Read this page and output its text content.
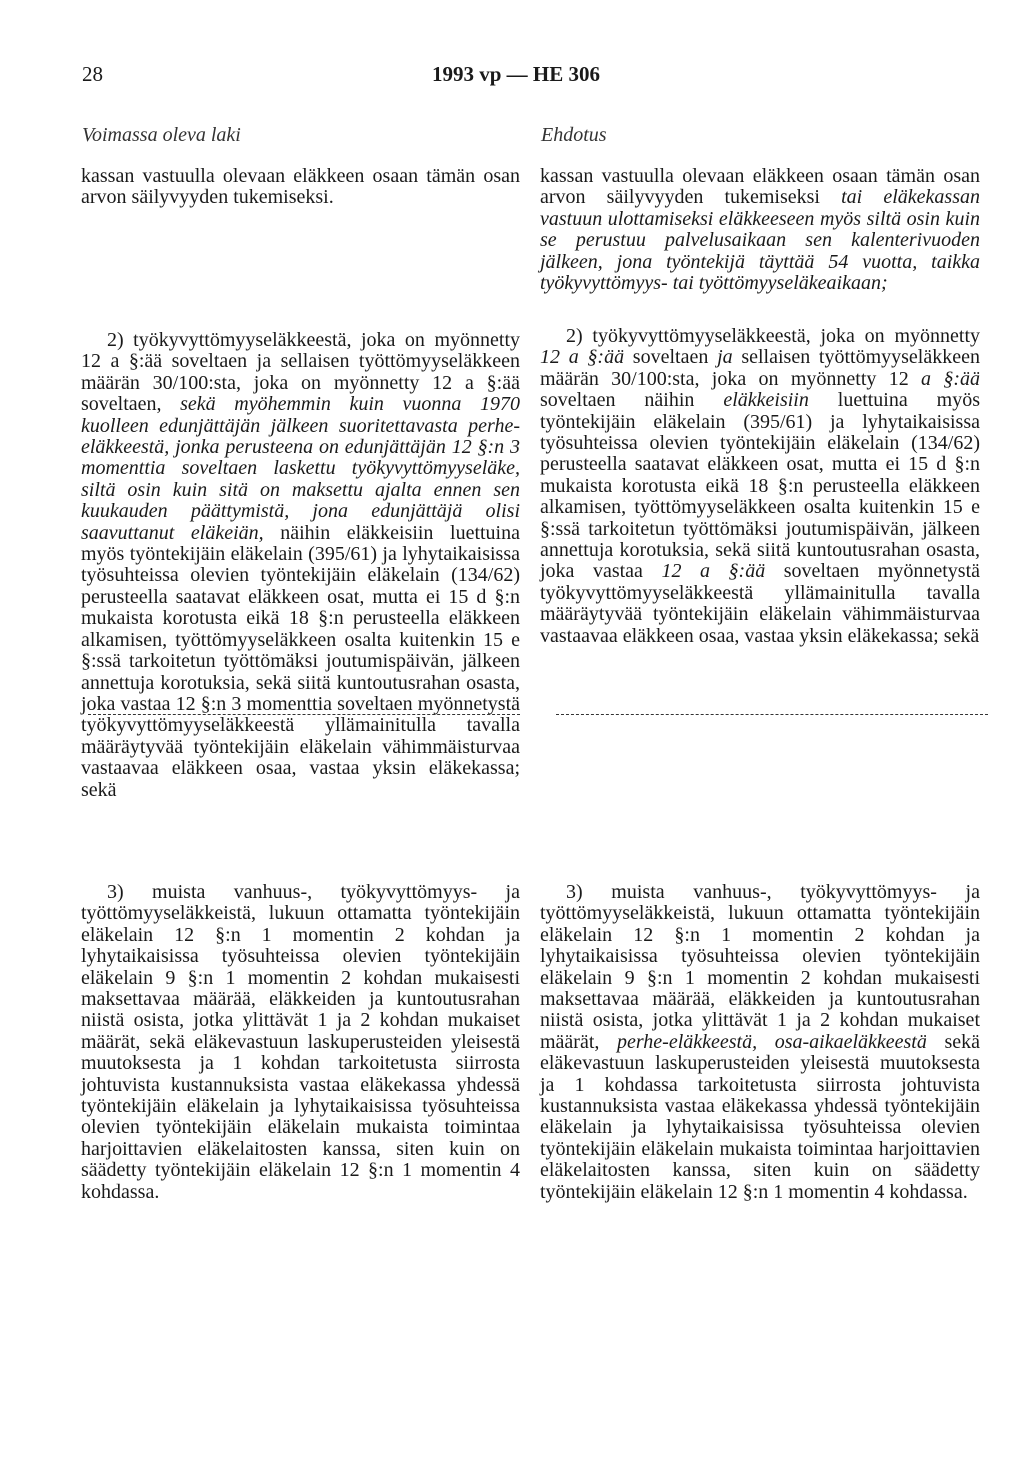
28	1993 vp — HE 306
Voimassa oleva laki	Ehdotus

kassan vastuulla olevaan eläkkeen osaan tämän osan arvon säilyvyyden tukemiseksi.

2) työkyvyttömyyseläkkeestä, joka on myönnetty 12 a §:ää soveltaen ja sellaisen työttömyyseläkkeen määrän 30/100:sta, joka on myönnetty 12 a §:ää soveltaen, sekä myöhemmin kuin vuonna 1970 kuolleen edunjättäjän jälkeen suoritettavasta perhe-eläkkeestä, jonka perusteena on edunjättäjän 12 §:n 3 momenttia soveltaen laskettu työkyvyttömyyseläke, siltä osin kuin sitä on maksettu ajalta ennen sen kuukauden päättymistä, jona edunjättäjä olisi saavuttanut eläkeiän, näihin eläkkeisiin luettuina myös työntekijäin eläkelain (395/61) ja lyhytaikaisissa työsuhteissa olevien työntekijäin eläkelain (134/62) perusteella saatavat eläkkeen osat, mutta ei 15 d §:n mukaista korotusta eikä 18 §:n perusteella eläkkeen alkamisen, työttömyyseläkkeen osalta kuitenkin 15 e §:ssä tarkoitetun työttömäksi joutumispäivän, jälkeen annettuja korotuksia, sekä siitä kuntoutusrahan osasta, joka vastaa 12 §:n 3 momenttia soveltaen myönnetystä työkyvyttömyyseläkkeestä yllämainitulla tavalla määräytyvää työntekijäin eläkelain vähimmäisturvaa vastaavaa eläkkeen osaa, vastaa yksin eläkekassa; sekä

3) muista vanhuus-, työkyvyttömyys- ja työttömyyseläkkeistä, lukuun ottamatta työntekijäin eläkelain 12 §:n 1 momentin 2 kohdan ja lyhytaikaisissa työsuhteissa olevien työntekijäin eläkelain 9 §:n 1 momentin 2 kohdan mukaisesti maksettavaa määrää, eläkkeiden ja kuntoutusrahan niistä osista, jotka ylittävät 1 ja 2 kohdan mukaiset määrät, sekä eläkevastuun laskuperusteiden yleisestä muutoksesta ja 1 kohdan tarkoitetusta siirrosta johtuvista kustannuksista vastaa eläkekassa yhdessä työntekijäin eläkelain ja lyhytaikaisissa työsuhteissa olevien työntekijäin eläkelain mukaista toimintaa harjoittavien eläkelaitosten kanssa, siten kuin on säädetty työntekijäin eläkelain 12 §:n 1 momentin 4 kohdassa.

kassan vastuulla olevaan eläkkeen osaan tämän osan arvon säilyvyyden tukemiseksi tai eläkekassan vastuun ulottamiseksi eläkkeeseen myös siltä osin kuin se perustuu palvelusaikaan sen kalenterivuoden jälkeen, jona työntekijä täyttää 54 vuotta, taikka työkyvyttömyys- tai työttömyyseläkeaikaan;

2) työkyvyttömyyseläkkeestä, joka on myönnetty 12 a §:ää soveltaen ja sellaisen työttömyyseläkkeen määrän 30/100:sta, joka on myönnetty 12 a §:ää soveltaen näihin eläkkeisiin luettuina myös työntekijäin eläkelain (395/61) ja lyhytaikaisissa työsuhteissa olevien työntekijäin eläkelain (134/62) perusteella saatavat eläkkeen osat, mutta ei 15 d §:n mukaista korotusta eikä 18 §:n perusteella eläkkeen alkamisen, työttömyyseläkkeen osalta kuitenkin 15 e §:ssä tarkoitetun työttömäksi joutumispäivän, jälkeen annettuja korotuksia, sekä siitä kuntoutusrahan osasta, joka vastaa 12 a §:ää soveltaen myönnetystä työkyvyttömyyseläkkeestä yllämainitulla tavalla määräytyvää työntekijäin eläkelain vähimmäisturvaa vastaavaa eläkkeen osaa, vastaa yksin eläkekassa; sekä

3) muista vanhuus-, työkyvyttömyys- ja työttömyyseläkkeistä, lukuun ottamatta työntekijäin eläkelain 12 §:n 1 momentin 2 kohdan ja lyhytaikaisissa työsuhteissa olevien työntekijäin eläkelain 9 §:n 1 momentin 2 kohdan mukaisesti maksettavaa määrää, eläkkeiden ja kuntoutusrahan niistä osista, jotka ylittävät 1 ja 2 kohdan mukaiset määrät, perhe-eläkkeestä, osa-aikaeläkkeestä sekä eläkevastuun laskuperusteiden yleisestä muutoksesta ja 1 kohdassa tarkoitetusta siirrosta johtuvista kustannuksista vastaa eläkekassa yhdessä työntekijäin eläkelain ja lyhytaikaisissa työsuhteissa olevien työntekijäin eläkelain mukaista toimintaa harjoittavien eläkelaitosten kanssa, siten kuin on säädetty työntekijäin eläkelain 12 §:n 1 momentin 4 kohdassa.
